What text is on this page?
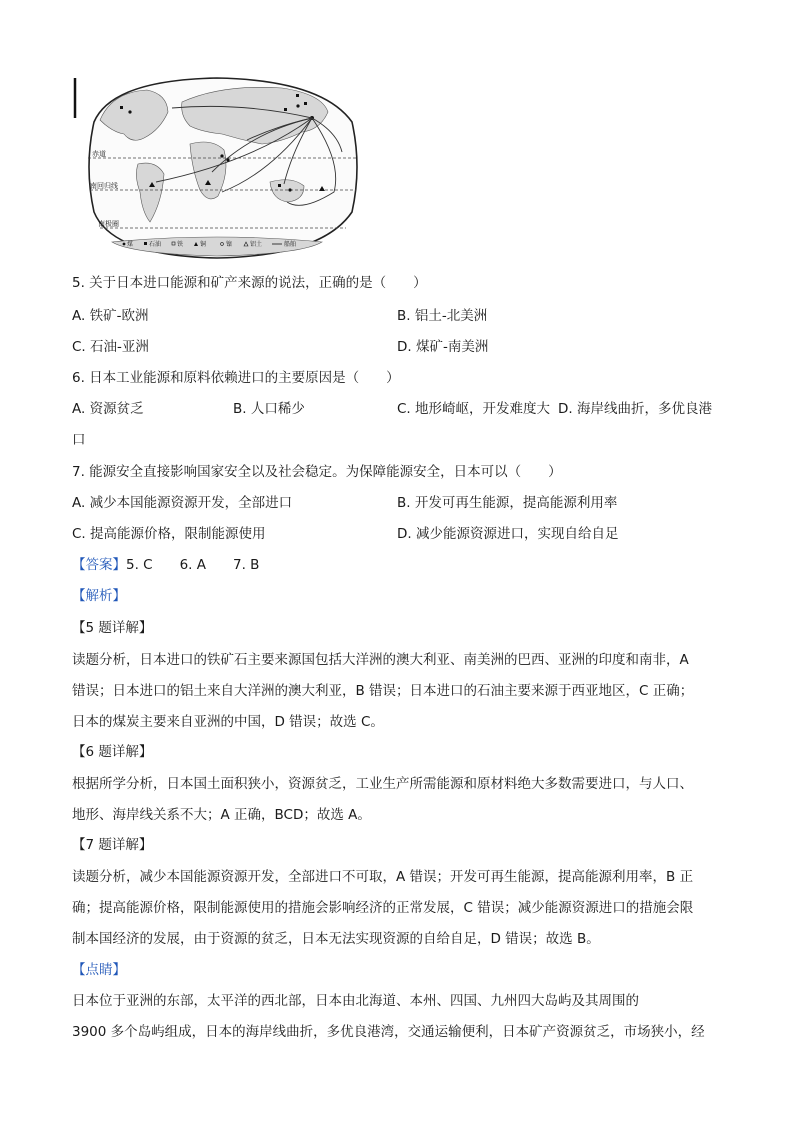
赤道
南回归线
南极圈
煤	石油	铁	铜	镍	铝土	船舶
5. 关于日本进口能源和矿产来源的说法，正确的是（　　）
A. 铁矿-欧洲	B. 铝土-北美洲
C. 石油-亚洲	D. 煤矿-南美洲
6. 日本工业能源和原料依赖进口的主要原因是（　　）
A. 资源贫乏	B. 人口稀少	C. 地形崎岖，开发难度大 D. 海岸线曲折，多优良港
口
7. 能源安全直接影响国家安全以及社会稳定。为保障能源安全，日本可以（　　）
A. 减少本国能源资源开发，全部进口	B. 开发可再生能源，提高能源利用率
C. 提高能源价格，限制能源使用	D. 减少能源资源进口，实现自给自足
【答案】5. C　　6. A　　7. B
【解析】
【5 题详解】
读题分析，日本进口的铁矿石主要来源国包括大洋洲的澳大利亚、南美洲的巴西、亚洲的印度和南非，A
错误；日本进口的铝土来自大洋洲的澳大利亚，B 错误；日本进口的石油主要来源于西亚地区，C 正确；
日本的煤炭主要来自亚洲的中国，D 错误；故选 C。
【6 题详解】
根据所学分析，日本国土面积狭小，资源贫乏，工业生产所需能源和原材料绝大多数需要进口，与人口、
地形、海岸线关系不大；A 正确，BCD；故选 A。
【7 题详解】
读题分析，减少本国能源资源开发，全部进口不可取，A 错误；开发可再生能源，提高能源利用率，B 正
确；提高能源价格，限制能源使用的措施会影响经济的正常发展，C 错误；减少能源资源进口的措施会限
制本国经济的发展，由于资源的贫乏，日本无法实现资源的自给自足，D 错误；故选 B。
【点睛】
日本位于亚洲的东部，太平洋的西北部，日本由北海道、本州、四国、九州四大岛屿及其周围的
3900 多个岛屿组成，日本的海岸线曲折，多优良港湾，交通运输便利，日本矿产资源贫乏，市场狭小，经
